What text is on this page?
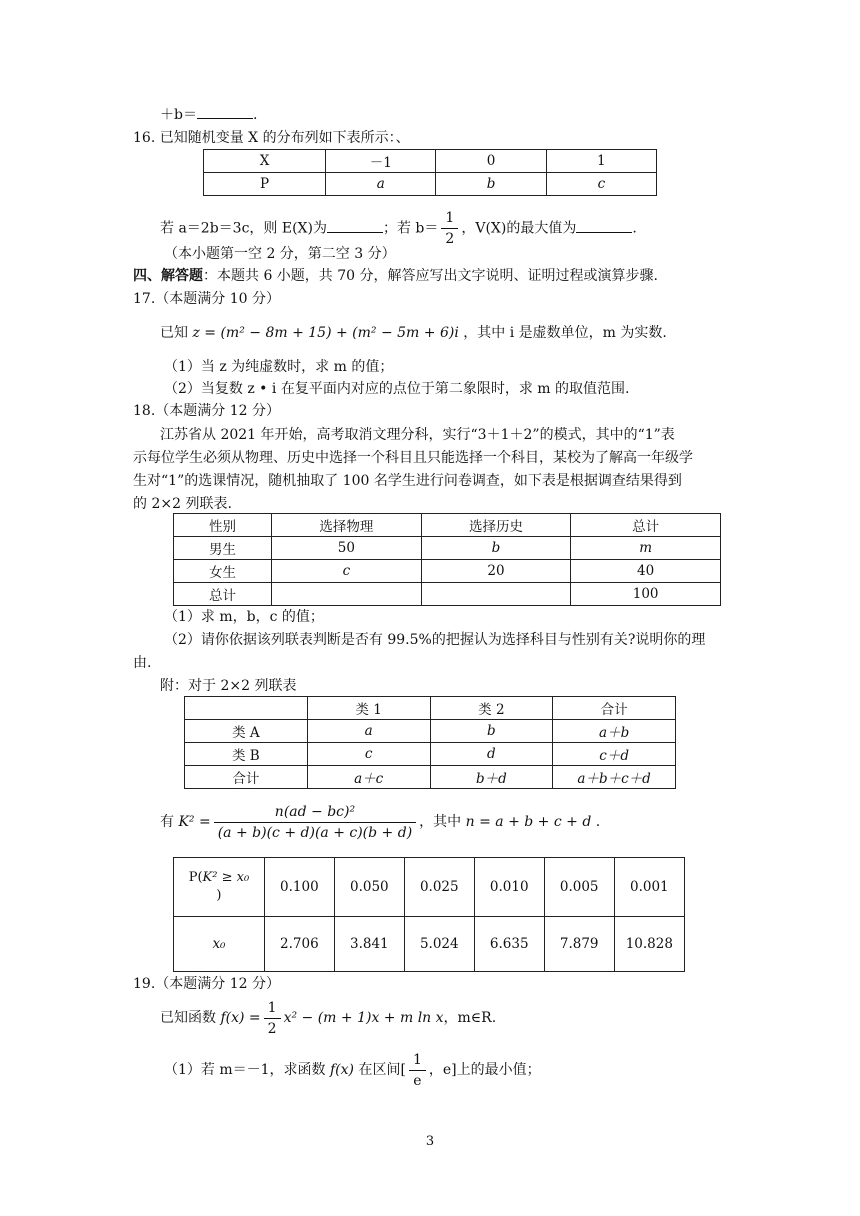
＋b＝	.
16. 已知随机变量 X 的分布列如下表所示：、
X	－1	0	1
P	a	b	c
若 a＝2b＝3c，则 E(X)为	；若 $b= \frac{1}{2}$ ，V(X)的最大值为	.
（本小题第一空 2 分，第二空 3 分）
四、解答题：本题共 6 小题，共 70 分，解答应写出文字说明、证明过程或演算步骤.
17.（本题满分 10 分）
已知 z = (m² − 8m + 15) + (m² − 5m + 6)i ，其中 i 是虚数单位，m 为实数.
（1）当 z 为纯虚数时，求 m 的值；
（2）当复数 z • i 在复平面内对应的点位于第二象限时，求 m 的取值范围.
18.（本题满分 12 分）
江苏省从 2021 年开始，高考取消文理分科，实行“3＋1＋2”的模式，其中的“1”表
示每位学生必须从物理、历史中选择一个科目且只能选择一个科目，某校为了解高一年级学
生对“1”的选课情况，随机抽取了 100 名学生进行问卷调查，如下表是根据调查结果得到
的 2×2 列联表.
性别	选择物理	选择历史	总计
男生	50	b	m
女生	c	20	40
总计			100
（1）求 m，b，c 的值；
（2）请你依据该列联表判断是否有 99.5%的把握认为选择科目与性别有关?说明你的理
由.
附：对于 2×2 列联表
	类 1	类 2	合计
类 A	a	b	a＋b
类 B	c	d	c＋d
合计	a＋c	b＋d	a＋b＋c＋d
有 $K^2 = \frac{\text{n(ad − bc)²}}{(a + b)(c + d)(a + c)(b + d)}$ ，其中 n = a + b + c + d .
P(K² ≥ x₀
)	0.100	0.050	0.025	0.010	0.005	0.001
x₀	2.706	3.841	5.024	6.635	7.879	10.828
19.（本题满分 12 分）
已知函数 $f(x) = \frac{1}{2} x^2 - (m + 1)x + m$ ln x，m∈R.
（1）若 m＝－1，求函数 f(x) 在区间[ $\frac{1}{e}$ ，e]上的最小值；
3
